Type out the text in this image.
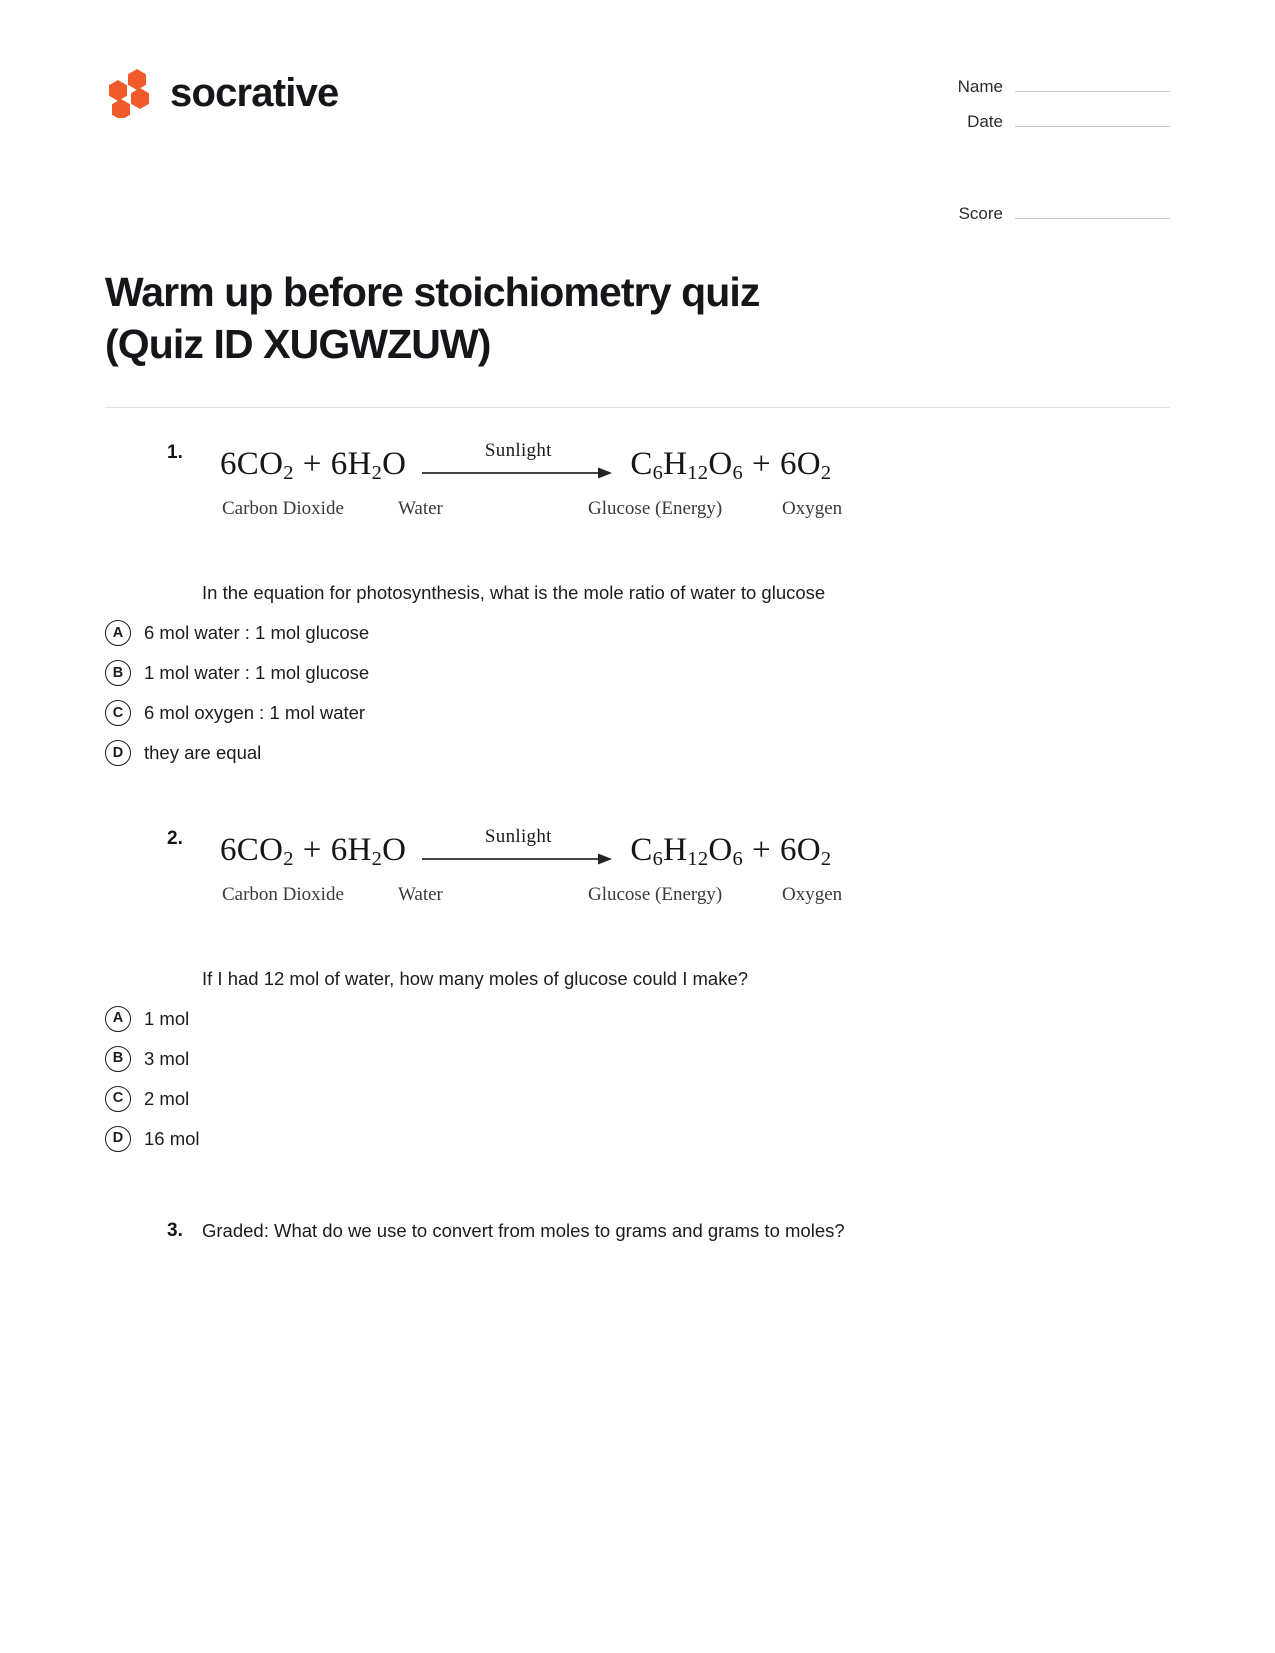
socrative	Name
Date
Score
Warm up before stoichiometry quiz (Quiz ID XUGWZUW)
1. $6CO_2 + 6H_2O$	Sunlight $C_6H_{12}O_6 + 6O_2$
Carbon Dioxide	Water	Glucose (Energy)	Oxygen
In the equation for photosynthesis, what is the mole ratio of water to glucose
A	6 mol water : 1 mol glucose
B	1 mol water : 1 mol glucose
C	6 mol oxygen : 1 mol water
D	they are equal
2. $6CO_2 + 6H_2O$	Sunlight $C_6H_{12}O_6 + 6O_2$
Carbon Dioxide	Water	Glucose (Energy)	Oxygen
If I had 12 mol of water, how many moles of glucose could I make?
A	1 mol
B	3 mol
C	2 mol
D	16 mol
3.	Graded: What do we use to convert from moles to grams and grams to moles?
